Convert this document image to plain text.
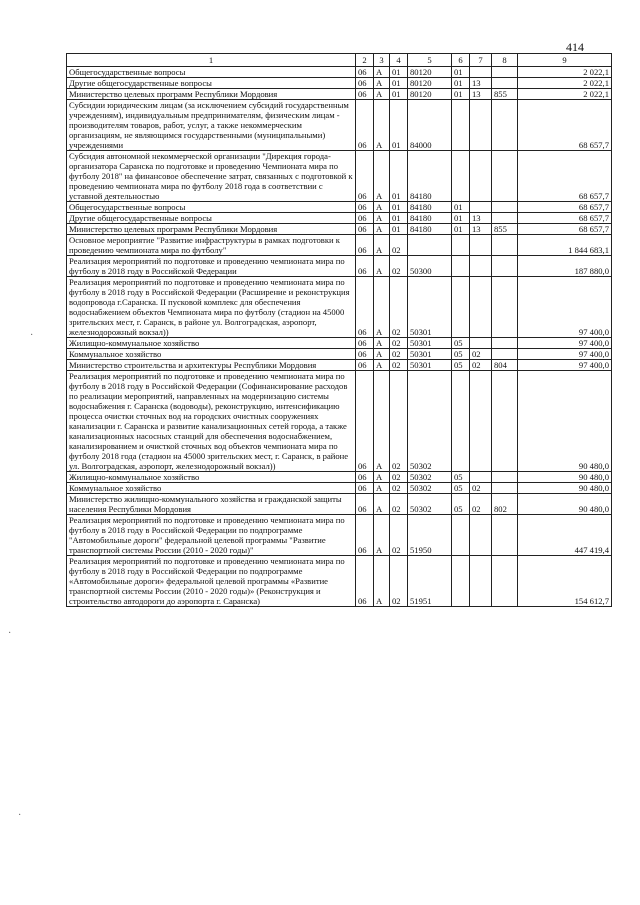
414
1	2	3	4	5	6	7	8	9
Общегосударственные вопросы	06	А	01	80120	01			2 022,1
Другие общегосударственные вопросы	06	А	01	80120	01	13		2 022,1
Министерство целевых программ Республики Мордовия	06	А	01	80120	01	13	855	2 022,1
Субсидии юридическим лицам (за исключением субсидий государственным учреждениям), индивидуальным предпринимателям, физическим лицам - производителям товаров, работ, услуг, а также некоммерческим организациям, не являющимся государственными (муниципальными) учреждениями	06	А	01	84000				68 657,7
Субсидия автономной некоммерческой организации "Дирекция города-организатора Саранска по подготовке и проведению Чемпионата мира по футболу 2018" на финансовое обеспечение затрат, связанных с подготовкой к проведению чемпионата мира по футболу 2018 года в соответствии с уставной деятельностью	06	А	01	84180				68 657,7
Общегосударственные вопросы	06	А	01	84180	01			68 657,7
Другие общегосударственные вопросы	06	А	01	84180	01	13		68 657,7
Министерство целевых программ Республики Мордовия	06	А	01	84180	01	13	855	68 657,7
Основное мероприятие "Развитие инфраструктуры в рамках подготовки к проведению чемпионата мира по футболу"	06	А	02					1 844 683,1
Реализация мероприятий по подготовке и проведению чемпионата мира по футболу в 2018 году в Российской Федерации	06	А	02	50300				187 880,0
Реализация мероприятий по подготовке и проведению чемпионата мира по футболу в 2018 году в Российской Федерации (Расширение и реконструкция водопровода г.Саранска. II пусковой комплекс для обеспечения водоснабжением объектов Чемпионата мира по футболу (стадион на 45000 зрительских мест, г. Саранск, в районе ул. Волгоградская, аэропорт, железнодорожный вокзал))	06	А	02	50301				97 400,0
Жилищно-коммунальное хозяйство	06	А	02	50301	05			97 400,0
Коммунальное хозяйство	06	А	02	50301	05	02		97 400,0
Министерство строительства и архитектуры Республики Мордовия	06	А	02	50301	05	02	804	97 400,0
Реализация мероприятий по подготовке и проведению чемпионата мира по футболу в 2018 году в Российской Федерации (Софинансирование расходов по реализации мероприятий, направленных на модернизацию системы водоснабжения г. Саранска (водоводы), реконструкцию, интенсификацию процесса очистки сточных вод на городских очистных сооружениях канализации г. Саранска и развитие канализационных сетей города, а также канализационных насосных станций для обеспечения водоснабжением, канализированием и очисткой сточных вод объектов чемпионата мира по футболу 2018 года (стадион на 45000 зрительских мест, г. Саранск, в районе ул. Волгоградская, аэропорт, железнодорожный вокзал))	06	А	02	50302				90 480,0
Жилищно-коммунальное хозяйство	06	А	02	50302	05			90 480,0
Коммунальное хозяйство	06	А	02	50302	05	02		90 480,0
Министерство жилищно-коммунального хозяйства и гражданской защиты населения Республики Мордовия	06	А	02	50302	05	02	802	90 480,0
Реализация мероприятий по подготовке и проведению чемпионата мира по футболу в 2018 году в Российской Федерации по подпрограмме "Автомобильные дороги" федеральной целевой программы "Развитие транспортной системы России (2010 - 2020 годы)"	06	А	02	51950				447 419,4
Реализация мероприятий по подготовке и проведению чемпионата мира по футболу в 2018 году в Российской Федерации по подпрограмме «Автомобильные дороги» федеральной целевой программы «Развитие транспортной системы России (2010 - 2020 годы)» (Реконструкция и строительство автодороги до аэропорта г. Саранска)	06	А	02	51951				154 612,7
·
·
·
